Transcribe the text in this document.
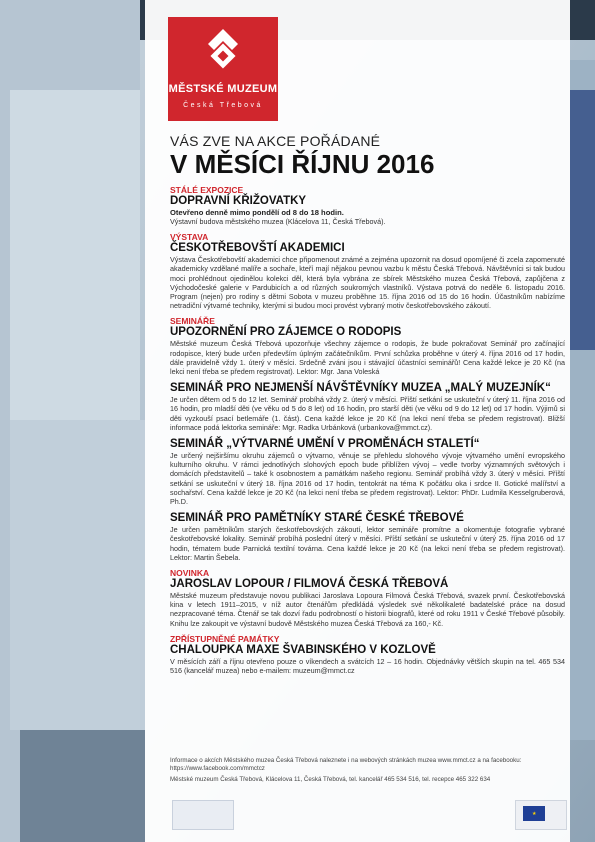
MĚSTSKÉ MUZEUM
Česká Třebová
VÁS ZVE NA AKCE POŘÁDANÉ
V MĚSÍCI ŘÍJNU 2016
STÁLÉ EXPOZICE
DOPRAVNÍ KŘIŽOVATKY
Otevřeno denně mimo pondělí od 8 do 18 hodin.
Výstavní budova městského muzea (Klácelova 11, Česká Třebová).
VÝSTAVA
ČESKOTŘEBOVŠTÍ AKADEMICI
Výstava Českotřebovští akademici chce připomenout známé a zejména upozornit na dosud opomíjené či zcela zapomenuté akademicky vzdělané malíře a sochaře, kteří mají nějakou pevnou vazbu k městu Česká Třebová. Návštěvníci si tak budou moci prohlédnout ojedinělou kolekci děl, která byla vybrána ze sbírek Městského muzea Česká Třebová, zapůjčena z Východočeské galerie v Pardubicích a od různých soukromých vlastníků. Výstava potrvá do neděle 6. listopadu 2016. Program (nejen) pro rodiny s dětmi Sobota v muzeu proběhne 15. října 2016 od 15 do 16 hodin. Účastníkům nabízíme netradiční výtvarné techniky, kterými si budou moci provést vybraný motiv českotřebovského zákoutí.
SEMINÁŘE
UPOZORNĚNÍ PRO ZÁJEMCE O RODOPIS
Městské muzeum Česká Třebová upozorňuje všechny zájemce o rodopis, že bude pokračovat Seminář pro začínající rodopisce, který bude určen především úplným začátečníkům. První schůzka proběhne v úterý 4. října 2016 od 17 hodin, dále pravidelně vždy 1. úterý v měsíci. Srdečně zváni jsou i stávající účastníci seminářů! Cena každé lekce je 20 Kč (na lekci není třeba se předem registrovat). Lektor: Mgr. Jana Voleská
SEMINÁŘ PRO NEJMENŠÍ NÁVŠTĚVNÍKY MUZEA „MALÝ MUZEJNÍK“
Je určen dětem od 5 do 12 let. Seminář probíhá vždy 2. úterý v měsíci. Příští setkání se uskuteční v úterý 11. října 2016 od 16 hodin, pro mladší děti (ve věku od 5 do 8 let) od 16 hodin, pro starší děti (ve věku od 9 do 12 let) od 17 hodin. Výjimů si děti vyzkouší psací betlemáře (1. část). Cena každé lekce je 20 Kč (na lekci není třeba se předem registrovat). Bližší informace podá lektorka semináře: Mgr. Radka Urbánková (urbankova@mmct.cz).
SEMINÁŘ „VÝTVARNÉ UMĚNÍ V PROMĚNÁCH STALETÍ“
Je určený nejširšímu okruhu zájemců o výtvarno, věnuje se přehledu slohového vývoje výtvarného umění evropského kulturního okruhu. V rámci jednotlivých slohových epoch bude přiblížen vývoj – vedle tvorby významných světových i domácích představitelů – také k osobnostem a památkám našeho regionu. Seminář probíhá vždy 3. úterý v měsíci. Příští setkání se uskuteční v úterý 18. října 2016 od 17 hodin, tentokrát na téma K počátku oka i srdce II. Gotické malířství a sochařství. Cena každé lekce je 20 Kč (na lekci není třeba se předem registrovat). Lektor: PhDr. Ludmila Kesselgruberová, Ph.D.
SEMINÁŘ PRO PAMĚTNÍKY STARÉ ČESKÉ TŘEBOVÉ
Je určen pamětníkům starých českotřebovských zákoutí, lektor semináře promítne a okomentuje fotografie vybrané českotřebovské lokality. Seminář probíhá poslední úterý v měsíci. Příští setkání se uskuteční v úterý 25. října 2016 od 17 hodin, tématem bude Parnická textilní továrna. Cena každé lekce je 20 Kč (na lekci není třeba se předem registrovat). Lektor: Martin Šebela.
NOVINKA
JAROSLAV LOPOUR / FILMOVÁ ČESKÁ TŘEBOVÁ
Městské muzeum představuje novou publikaci Jaroslava Lopoura Filmová Česká Třebová, svazek první. Českotřebovská kina v letech 1911–2015, v níž autor čtenářům předkládá výsledek své několikaleté badatelské práce na dosud nezpracované téma. Čtenář se tak dozví řadu podrobností o historii biografů, které od roku 1911 v České Třebové působily. Knihu lze zakoupit ve výstavní budově Městského muzea Česká Třebová za 160,- Kč.
ZPŘÍSTUPNĚNÉ PAMÁTKY
CHALOUPKA MAXE ŠVABINSKÉHO V KOZLOVĚ
V měsících září a říjnu otevřeno pouze o víkendech a svátcích 12 – 16 hodin. Objednávky větších skupin na tel. 465 534 516 (kancelář muzea) nebo e-mailem: muzeum@mmct.cz

Informace o akcích Městského muzea Česká Třebová naleznete i na webových stránkách muzea www.mmct.cz a na facebooku: https://www.facebook.com/mmctcz

Městské muzeum Česká Třebová, Klácelova 11, Česká Třebová, tel. kancelář 465 534 516, tel. recepce 465 322 634

★
